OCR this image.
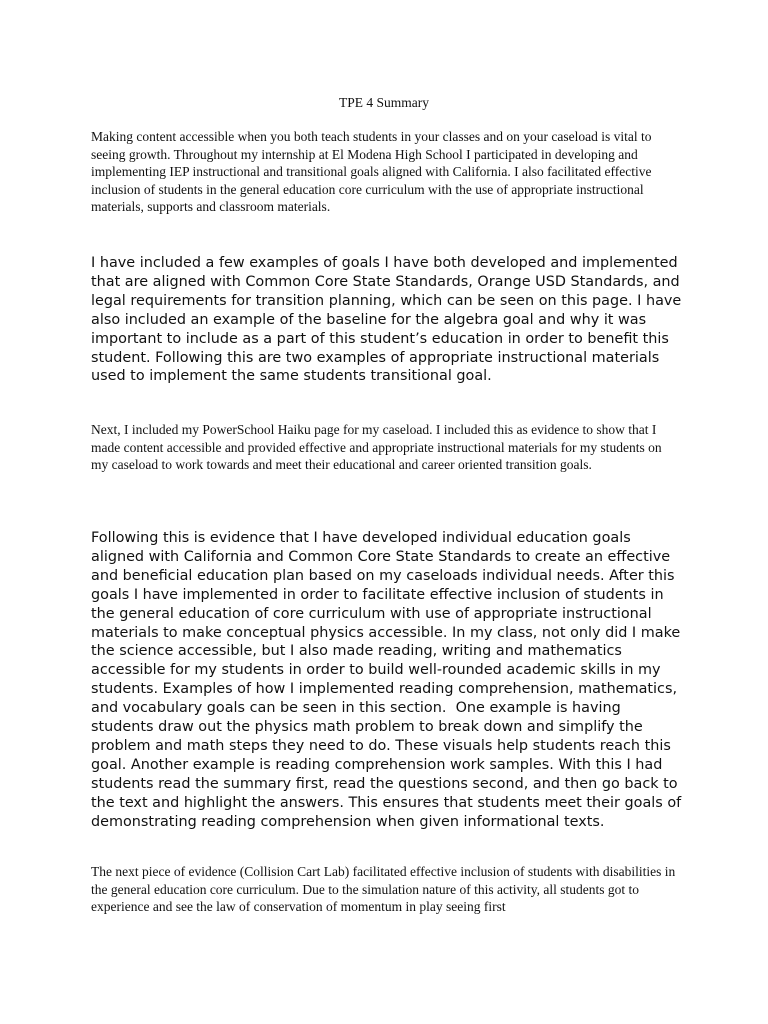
TPE 4 Summary

Making content accessible when you both teach students in your classes and on your caseload is vital to seeing growth. Throughout my internship at El Modena High School I participated in developing and implementing IEP instructional and transitional goals aligned with California. I also facilitated effective inclusion of students in the general education core curriculum with the use of appropriate instructional materials, supports and classroom materials.

I have included a few examples of goals I have both developed and implemented that are aligned with Common Core State Standards, Orange USD Standards, and legal requirements for transition planning, which can be seen on this page. I have also included an example of the baseline for the algebra goal and why it was important to include as a part of this student’s education in order to benefit this student. Following this are two examples of appropriate instructional materials used to implement the same students transitional goal.

Next, I included my PowerSchool Haiku page for my caseload. I included this as evidence to show that I made content accessible and provided effective and appropriate instructional materials for my students on my caseload to work towards and meet their educational and career oriented transition goals.

Following this is evidence that I have developed individual education goals aligned with California and Common Core State Standards to create an effective and beneficial education plan based on my caseloads individual needs. After this goals I have implemented in order to facilitate effective inclusion of students in the general education of core curriculum with use of appropriate instructional materials to make conceptual physics accessible. In my class, not only did I make the science accessible, but I also made reading, writing and mathematics accessible for my students in order to build well-rounded academic skills in my students. Examples of how I implemented reading comprehension, mathematics, and vocabulary goals can be seen in this section.  One example is having students draw out the physics math problem to break down and simplify the problem and math steps they need to do. These visuals help students reach this goal. Another example is reading comprehension work samples. With this I had students read the summary first, read the questions second, and then go back to the text and highlight the answers. This ensures that students meet their goals of demonstrating reading comprehension when given informational texts.

The next piece of evidence (Collision Cart Lab) facilitated effective inclusion of students with disabilities in the general education core curriculum. Due to the simulation nature of this activity, all students got to experience and see the law of conservation of momentum in play seeing first
